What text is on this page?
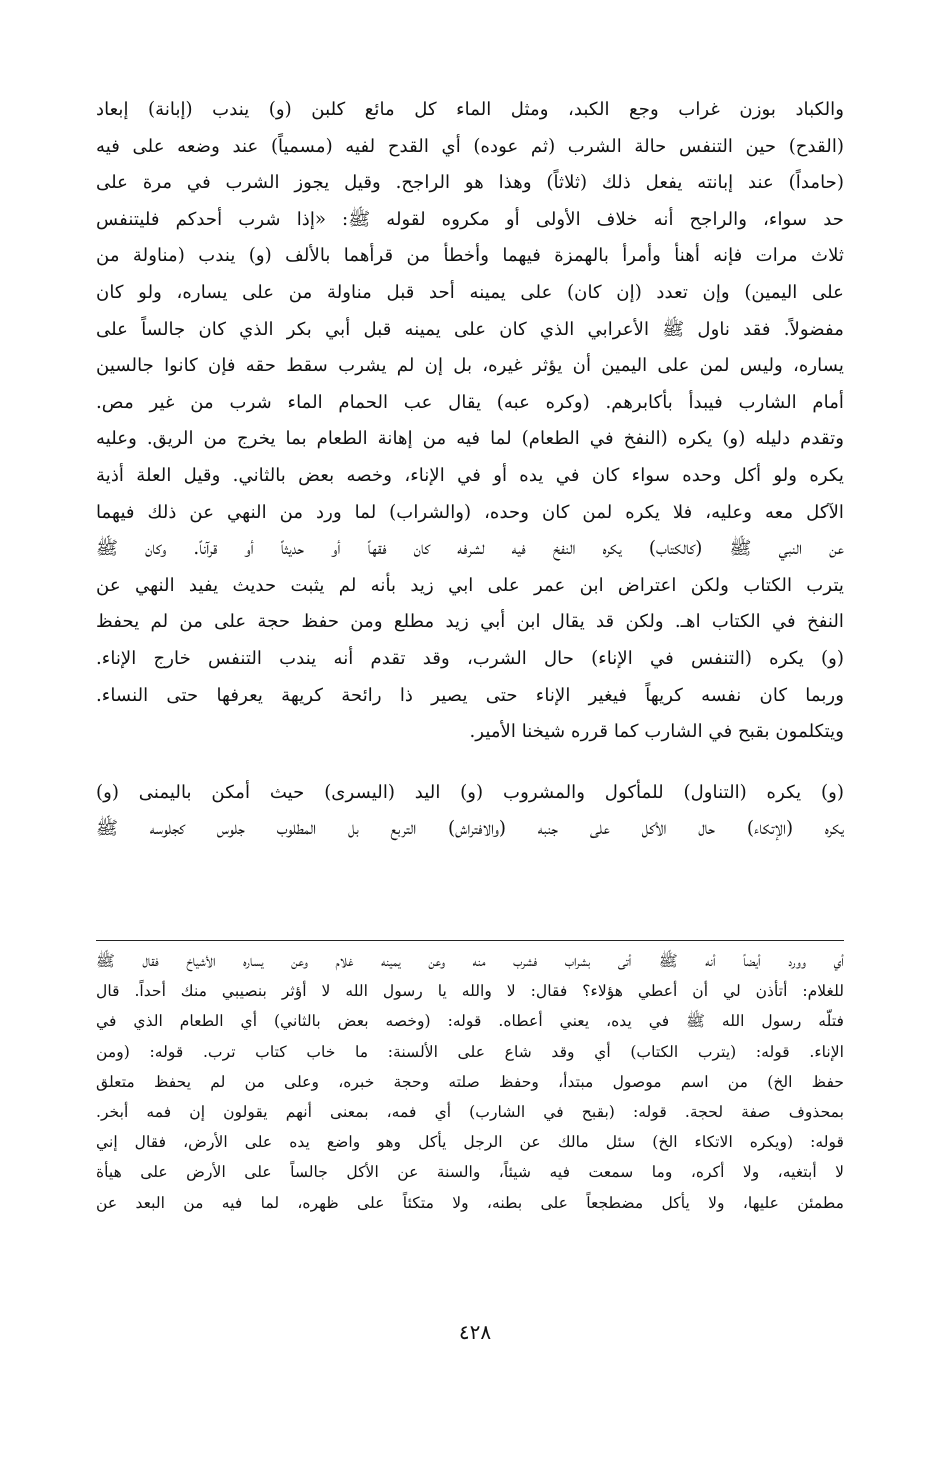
والكباد بوزن غراب وجع الكبد، ومثل الماء كل مائع كلبن (و) يندب (إبانة) إبعاد
(القدح) حين التنفس حالة الشرب (ثم عوده) أي القدح لفيه (مسمياً) عند وضعه على فيه
(حامداً) عند إبانته يفعل ذلك (ثلاثاً) وهذا هو الراجح. وقيل يجوز الشرب في مرة على
حد سواء، والراجح أنه خلاف الأولى أو مكروه لقوله ﷺ: «إذا شرب أحدكم فليتنفس
ثلاث مرات فإنه أهنأ وأمرأ بالهمزة فيهما وأخطأ من قرأهما بالألف (و) يندب (مناولة من
على اليمين) وإن تعدد (إن كان) على يمينه أحد قبل مناولة من على يساره، ولو كان
مفضولاً. فقد ناول ﷺ الأعرابي الذي كان على يمينه قبل أبي بكر الذي كان جالساً على
يساره، وليس لمن على اليمين أن يؤثر غيره، بل إن لم يشرب سقط حقه فإن كانوا جالسين
أمام الشارب فيبدأ بأكابرهم. (وكره عبه) يقال عب الحمام الماء شرب من غير مص.
وتقدم دليله (و) يكره (النفخ في الطعام) لما فيه من إهانة الطعام بما يخرج من الريق. وعليه
يكره ولو أكل وحده سواء كان في يده أو في الإناء، وخصه بعض بالثاني. وقيل العلة أذية
الآكل معه وعليه، فلا يكره لمن كان وحده، (والشراب) لما ورد من النهي عن ذلك فيهما
عن النبي ﷺ (كالكتاب) يكره النفخ فيه لشرفه كان فقهاً أو حديثاً أو قرآناً. وكان ﷺ
يترب الكتاب ولكن اعتراض ابن عمر على ابي زيد بأنه لم يثبت حديث يفيد النهي عن
النفخ في الكتاب اهـ. ولكن قد يقال ابن أبي زيد مطلع ومن حفظ حجة على من لم يحفظ
(و) يكره (التنفس في الإناء) حال الشرب، وقد تقدم أنه يندب التنفس خارج الإناء.
وربما كان نفسه كريهاً فيغير الإناء حتى يصير ذا رائحة كريهة يعرفها حتى النساء.
ويتكلمون بقبح في الشارب كما قرره شيخنا الأمير.
(و) يكره (التناول) للمأكول والمشروب (و) اليد (اليسرى) حيث أمكن باليمنى (و)
يكره (الإتكاء) حال الأكل على جنبه (والافتراش) التربع بل المطلوب جلوس كجلوسه ﷺ
أي وورد أيضاً أنه ﷺ أتى بشراب فشرب منه وعن يمينه غلام وعن يساره الأشياخ فقال ﷺ
للغلام: أتأذن لي أن أعطي هؤلاء؟ فقال: لا والله يا رسول الله لا أؤثر بنصيبي منك أحداً. قال
فتلّه رسول الله ﷺ في يده، يعني أعطاه. قوله: (وخصه بعض بالثاني) أي الطعام الذي في
الإناء. قوله: (يترب الكتاب) أي وقد شاع على الألسنة: ما خاب كتاب ترب. قوله: (ومن
حفظ الخ) من اسم موصول مبتدأ، وحفظ صلته وحجة خبره، وعلى من لم يحفظ متعلق
بمحذوف صفة لحجة. قوله: (بقبح في الشارب) أي فمه، بمعنى أنهم يقولون إن فمه أبخر.
قوله: (ويكره الاتكاء الخ) سئل مالك عن الرجل يأكل وهو واضع يده على الأرض، فقال إني
لا أبتغيه، ولا أكره، وما سمعت فيه شيئاً، والسنة عن الأكل جالساً على الأرض على هيأة
مطمئن عليها، ولا يأكل مضطجعاً على بطنه، ولا متكئاً على ظهره، لما فيه من البعد عن
٤٢٨
